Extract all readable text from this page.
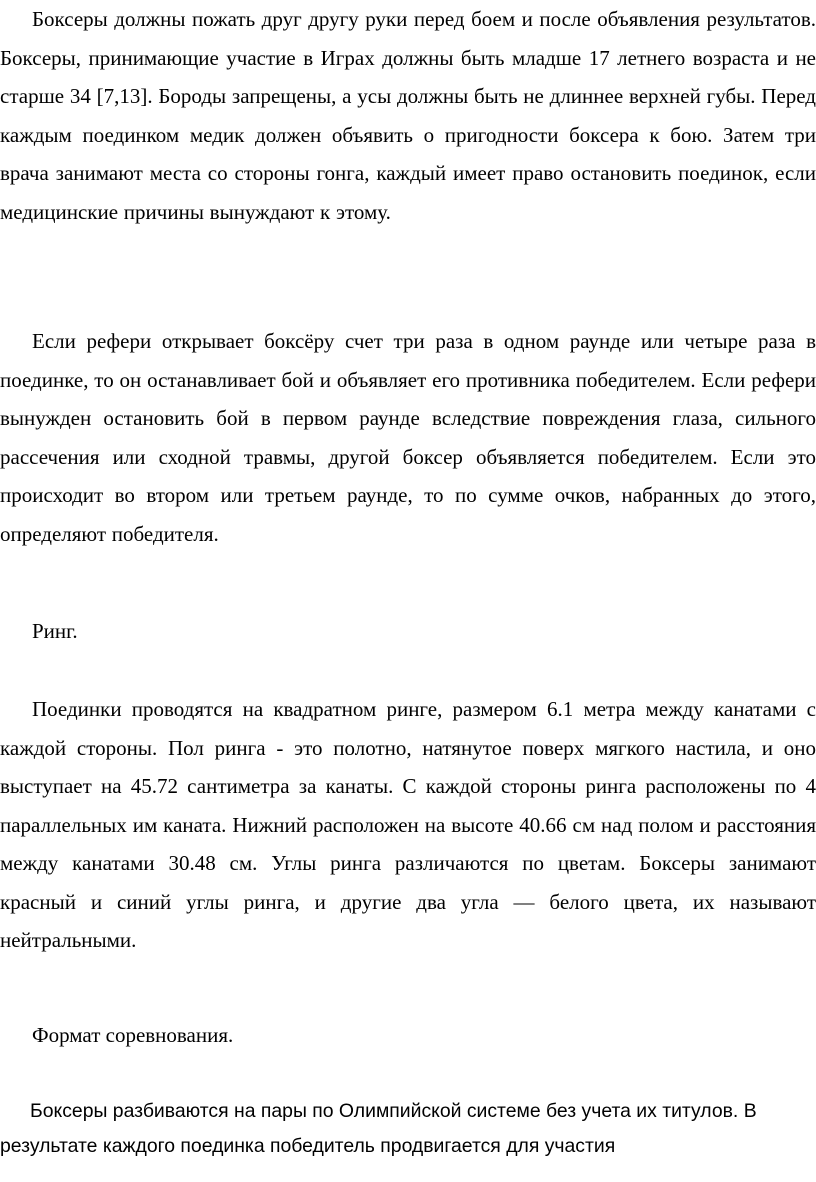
Боксеры должны пожать друг другу руки перед боем и после объявления результатов. Боксеры, принимающие участие в Играх должны быть младше 17 летнего возраста и не старше 34 [7,13]. Бороды запрещены, а усы должны быть не длиннее верхней губы. Перед каждым поединком медик должен объявить о пригодности боксера к бою. Затем три врача занимают места со стороны гонга, каждый имеет право остановить поединок, если медицинские причины вынуждают к этому.

Если рефери открывает боксёру счет три раза в одном раунде или четыре раза в поединке, то он останавливает бой и объявляет его противника победителем. Если рефери вынужден остановить бой в первом раунде вследствие повреждения глаза, сильного рассечения или сходной травмы, другой боксер объявляется победителем. Если это происходит во втором или третьем раунде, то по сумме очков, набранных до этого, определяют победителя.

Ринг.

Поединки проводятся на квадратном ринге, размером 6.1 метра между канатами с каждой стороны. Пол ринга - это полотно, натянутое поверх мягкого настила, и оно выступает на 45.72 сантиметра за канаты. С каждой стороны ринга расположены по 4 параллельных им каната. Нижний расположен на высоте 40.66 см над полом и расстояния между канатами 30.48 см. Углы ринга различаются по цветам. Боксеры занимают красный и синий углы ринга, и другие два угла — белого цвета, их называют нейтральными.

Формат соревнования.

Боксеры разбиваются на пары по Олимпийской системе без учета их титулов. В результате каждого поединка победитель продвигается для участия
